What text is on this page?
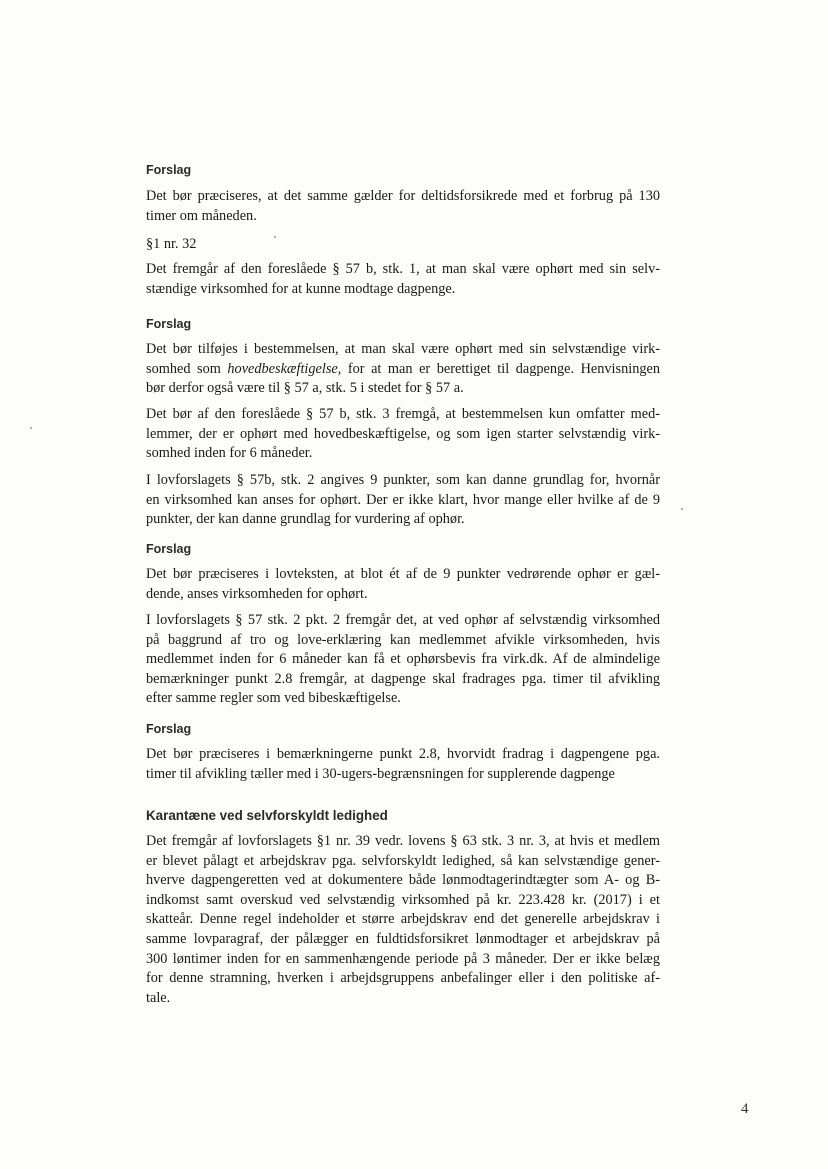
Forslag
Det bør præciseres, at det samme gælder for deltidsforsikrede med et forbrug på 130
timer om måneden.
§1 nr. 32
Det fremgår af den foreslåede § 57 b, stk. 1, at man skal være ophørt med sin selv-
stændige virksomhed for at kunne modtage dagpenge.
Forslag
Det bør tilføjes i bestemmelsen, at man skal være ophørt med sin selvstændige virk-
somhed som hovedbeskæftigelse, for at man er berettiget til dagpenge. Henvisningen
bør derfor også være til § 57 a, stk. 5 i stedet for § 57 a.
Det bør af den foreslåede § 57 b, stk. 3 fremgå, at bestemmelsen kun omfatter med-
lemmer, der er ophørt med hovedbeskæftigelse, og som igen starter selvstændig virk-
somhed inden for 6 måneder.
I lovforslagets § 57b, stk. 2 angives 9 punkter, som kan danne grundlag for, hvornår
en virksomhed kan anses for ophørt. Der er ikke klart, hvor mange eller hvilke af de 9
punkter, der kan danne grundlag for vurdering af ophør.
Forslag
Det bør præciseres i lovteksten, at blot ét af de 9 punkter vedrørende ophør er gæl-
dende, anses virksomheden for ophørt.
I lovforslagets § 57 stk. 2 pkt. 2 fremgår det, at ved ophør af selvstændig virksomhed
på baggrund af tro og love-erklæring kan medlemmet afvikle virksomheden, hvis
medlemmet inden for 6 måneder kan få et ophørsbevis fra virk.dk. Af de almindelige
bemærkninger punkt 2.8 fremgår, at dagpenge skal fradrages pga. timer til afvikling
efter samme regler som ved bibeskæftigelse.
Forslag
Det bør præciseres i bemærkningerne punkt 2.8, hvorvidt fradrag i dagpengene pga.
timer til afvikling tæller med i 30-ugers-begrænsningen for supplerende dagpenge
Karantæne ved selvforskyldt ledighed
Det fremgår af lovforslagets §1 nr. 39 vedr. lovens § 63 stk. 3 nr. 3, at hvis et medlem
er blevet pålagt et arbejdskrav pga. selvforskyldt ledighed, så kan selvstændige gener-
hverve dagpengeretten ved at dokumentere både lønmodtagerindtægter som A- og B-
indkomst samt overskud ved selvstændig virksomhed på kr. 223.428 kr. (2017) i et
skatteår. Denne regel indeholder et større arbejdskrav end det generelle arbejdskrav i
samme lovparagraf, der pålægger en fuldtidsforsikret lønmodtager et arbejdskrav på
300 løntimer inden for en sammenhængende periode på 3 måneder. Der er ikke belæg
for denne stramning, hverken i arbejdsgruppens anbefalinger eller i den politiske af-
tale.
4
